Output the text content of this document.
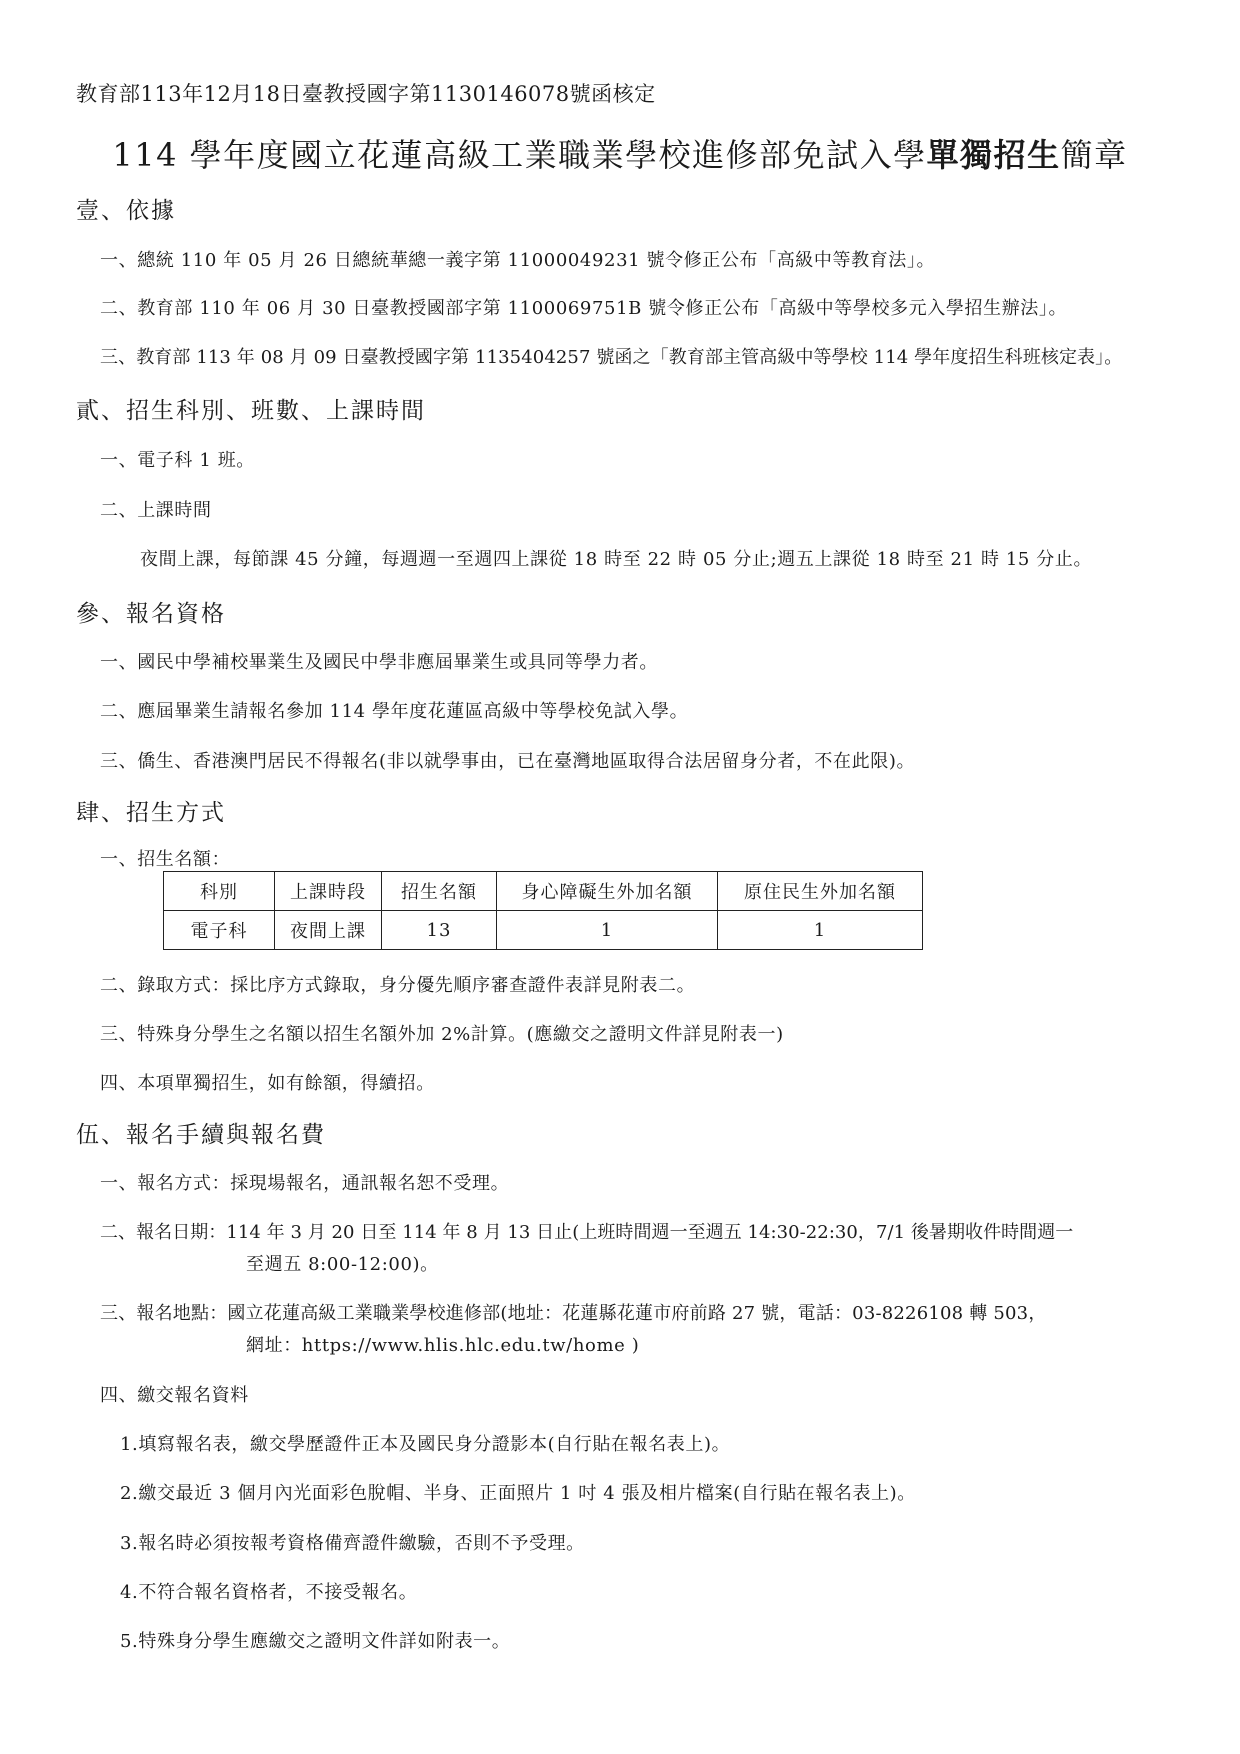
教育部113年12月18日臺教授國字第1130146078號函核定
114 學年度國立花蓮高級工業職業學校進修部免試入學單獨招生簡章
壹、依據
一、總統 110 年 05 月 26 日總統華總一義字第 11000049231 號令修正公布「高級中等教育法」。
二、教育部 110 年 06 月 30 日臺教授國部字第 1100069751B 號令修正公布「高級中等學校多元入學招生辦法」。
三、教育部 113 年 08 月 09 日臺教授國字第 1135404257 號函之「教育部主管高級中等學校 114 學年度招生科班核定表」。
貳、招生科別、班數、上課時間
一、電子科 1 班。
二、上課時間
夜間上課，每節課 45 分鐘，每週週一至週四上課從 18 時至 22 時 05 分止;週五上課從 18 時至 21 時 15 分止。
參、報名資格
一、國民中學補校畢業生及國民中學非應屆畢業生或具同等學力者。
二、應屆畢業生請報名參加 114 學年度花蓮區高級中等學校免試入學。
三、僑生、香港澳門居民不得報名(非以就學事由，已在臺灣地區取得合法居留身分者，不在此限)。
肆、招生方式
一、招生名額：
科別	上課時段	招生名額	身心障礙生外加名額	原住民生外加名額
電子科	夜間上課	13	1	1
二、錄取方式：採比序方式錄取，身分優先順序審查證件表詳見附表二。
三、特殊身分學生之名額以招生名額外加 2%計算。(應繳交之證明文件詳見附表一)
四、本項單獨招生，如有餘額，得續招。
伍、報名手續與報名費
一、報名方式：採現場報名，通訊報名恕不受理。
二、報名日期：114 年 3 月 20 日至 114 年 8 月 13 日止(上班時間週一至週五 14:30-22:30，7/1 後暑期收件時間週一
至週五 8:00-12:00)。
三、報名地點：國立花蓮高級工業職業學校進修部(地址：花蓮縣花蓮市府前路 27 號，電話：03-8226108 轉 503，
網址：https://www.hlis.hlc.edu.tw/home )
四、繳交報名資料
1.填寫報名表，繳交學歷證件正本及國民身分證影本(自行貼在報名表上)。
2.繳交最近 3 個月內光面彩色脫帽、半身、正面照片 1 吋 4 張及相片檔案(自行貼在報名表上)。
3.報名時必須按報考資格備齊證件繳驗，否則不予受理。
4.不符合報名資格者，不接受報名。
5.特殊身分學生應繳交之證明文件詳如附表一。
